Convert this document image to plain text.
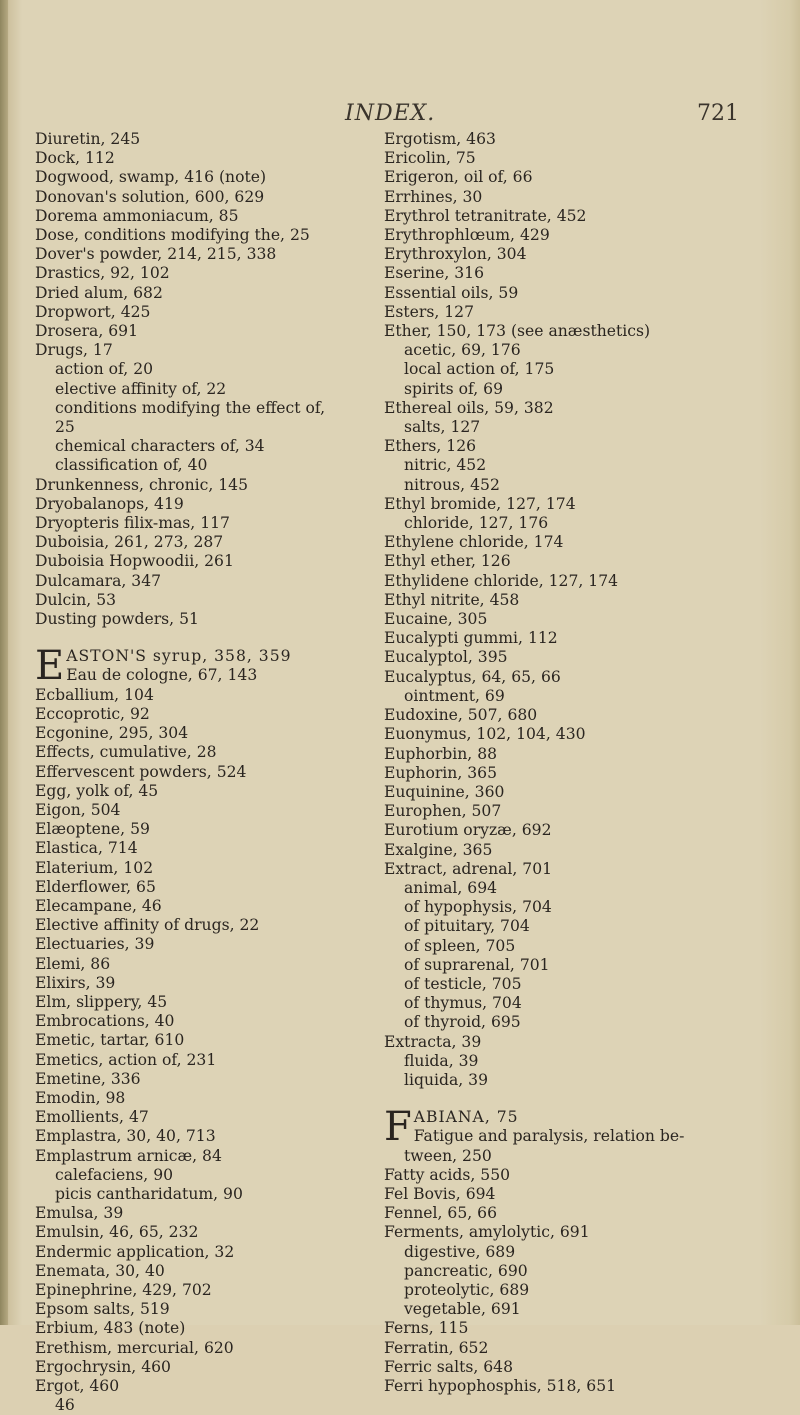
INDEX.	721
Diuretin, 245
Dock, 112
Dogwood, swamp, 416 (note)
Donovan's solution, 600, 629
Dorema ammoniacum, 85
Dose, conditions modifying the, 25
Dover's powder, 214, 215, 338
Drastics, 92, 102
Dried alum, 682
Dropwort, 425
Drosera, 691
Drugs, 17
action of, 20
elective affinity of, 22
conditions modifying the effect of,
25
chemical characters of, 34
classification of, 40
Drunkenness, chronic, 145
Dryobalanops, 419
Dryopteris filix-mas, 117
Duboisia, 261, 273, 287
Duboisia Hopwoodii, 261
Dulcamara, 347
Dulcin, 53
Dusting powders, 51
E ASTON'S syrup, 358, 359
Eau de cologne, 67, 143
Ecballium, 104
Eccoprotic, 92
Ecgonine, 295, 304
Effects, cumulative, 28
Effervescent powders, 524
Egg, yolk of, 45
Eigon, 504
Elæoptene, 59
Elastica, 714
Elaterium, 102
Elderflower, 65
Elecampane, 46
Elective affinity of drugs, 22
Electuaries, 39
Elemi, 86
Elixirs, 39
Elm, slippery, 45
Embrocations, 40
Emetic, tartar, 610
Emetics, action of, 231
Emetine, 336
Emodin, 98
Emollients, 47
Emplastra, 30, 40, 713
Emplastrum arnicæ, 84
calefaciens, 90
picis cantharidatum, 90
Emulsa, 39
Emulsin, 46, 65, 232
Endermic application, 32
Enemata, 30, 40
Epinephrine, 429, 702
Epsom salts, 519
Erbium, 483 (note)
Erethism, mercurial, 620
Ergochrysin, 460
Ergot, 460
46
Ergotism, 463
Ericolin, 75
Erigeron, oil of, 66
Errhines, 30
Erythrol tetranitrate, 452
Erythrophlœum, 429
Erythroxylon, 304
Eserine, 316
Essential oils, 59
Esters, 127
Ether, 150, 173 (see anæsthetics)
acetic, 69, 176
local action of, 175
spirits of, 69
Ethereal oils, 59, 382
salts, 127
Ethers, 126
nitric, 452
nitrous, 452
Ethyl bromide, 127, 174
chloride, 127, 176
Ethylene chloride, 174
Ethyl ether, 126
Ethylidene chloride, 127, 174
Ethyl nitrite, 458
Eucaine, 305
Eucalypti gummi, 112
Eucalyptol, 395
Eucalyptus, 64, 65, 66
ointment, 69
Eudoxine, 507, 680
Euonymus, 102, 104, 430
Euphorbin, 88
Euphorin, 365
Euquinine, 360
Europhen, 507
Eurotium oryzæ, 692
Exalgine, 365
Extract, adrenal, 701
animal, 694
of hypophysis, 704
of pituitary, 704
of spleen, 705
of suprarenal, 701
of testicle, 705
of thymus, 704
of thyroid, 695
Extracta, 39
fluida, 39
liquida, 39
F ABIANA, 75
Fatigue and paralysis, relation be-
tween, 250
Fatty acids, 550
Fel Bovis, 694
Fennel, 65, 66
Ferments, amylolytic, 691
digestive, 689
pancreatic, 690
proteolytic, 689
vegetable, 691
Ferns, 115
Ferratin, 652
Ferric salts, 648
Ferri hypophosphis, 518, 651
